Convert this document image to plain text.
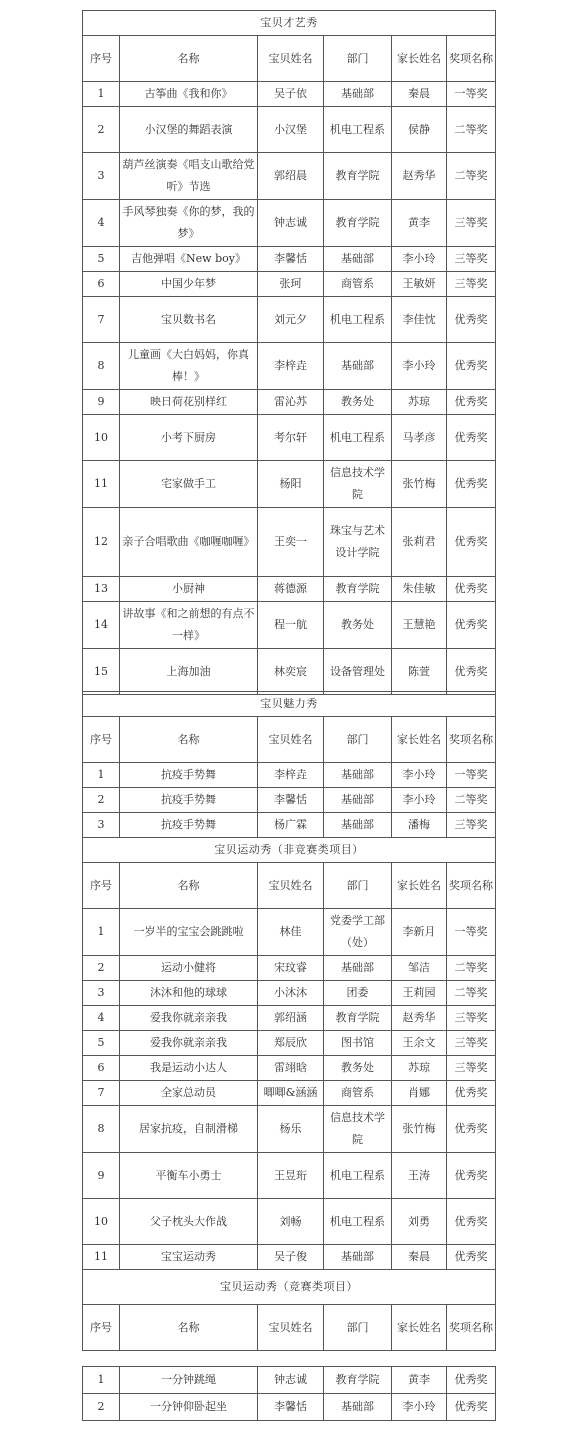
宝贝才艺秀					
序号	名称	宝贝姓名	部门	家长姓名	奖项名称
1	古筝曲《我和你》	吴子依	基础部	秦晨	一等奖
2	小汉堡的舞蹈表演	小汉堡	机电工程系	侯静	二等奖
3	葫芦丝演奏《唱支山歌给党听》节选	郭绍晨	教育学院	赵秀华	二等奖
4	手风琴独奏《你的梦，我的梦》	钟志诚	教育学院	黄李	三等奖
5	吉他弹唱《New boy》	李馨恬	基础部	李小玲	三等奖
6	中国少年梦	张珂	商管系	王敏妍	三等奖
7	宝贝数书名	刘元夕	机电工程系	李佳忱	优秀奖
8	儿童画《大白妈妈，你真棒！》	李梓垚	基础部	李小玲	优秀奖
9	映日荷花别样红	雷沁苏	教务处	苏琼	优秀奖
10	小考下厨房	考尔轩	机电工程系	马孝彦	优秀奖
11	宅家做手工	杨阳	信息技术学院	张竹梅	优秀奖
12	亲子合唱歌曲《咖喱咖喱》	王奕一	珠宝与艺术设计学院	张莉君	优秀奖
13	小厨神	蒋德源	教育学院	朱佳敏	优秀奖
14	讲故事《和之前想的有点不一样》	程一航	教务处	王慧艳	优秀奖
15	上海加油	林奕宸	设备管理处	陈萱	优秀奖
宝贝魅力秀					
序号	名称	宝贝姓名	部门	家长姓名	奖项名称
1	抗疫手势舞	李梓垚	基础部	李小玲	一等奖
2	抗疫手势舞	李馨恬	基础部	李小玲	二等奖
3	抗疫手势舞	杨广霖	基础部	潘梅	三等奖
宝贝运动秀（非竞赛类项目）					
序号	名称	宝贝姓名	部门	家长姓名	奖项名称
1	一岁半的宝宝会跳跳啦	林佳	党委学工部（处）	李新月	一等奖
2	运动小健将	宋玟睿	基础部	邹洁	二等奖
3	沐沐和他的球球	小沐沐	团委	王莉园	二等奖
4	爱我你就亲亲我	郭绍涵	教育学院	赵秀华	三等奖
5	爱我你就亲亲我	郑辰欣	图书馆	王余文	三等奖
6	我是运动小达人	雷翊晗	教务处	苏琼	三等奖
7	全家总动员	唧唧&涵涵	商管系	肖娜	优秀奖
8	居家抗疫，自制滑梯	杨乐	信息技术学院	张竹梅	优秀奖
9	平衡车小勇士	王昱珩	机电工程系	王涛	优秀奖
10	父子枕头大作战	刘畅	机电工程系	刘勇	优秀奖
11	宝宝运动秀	吴子俊	基础部	秦晨	优秀奖
宝贝运动秀（竞赛类项目）					
序号	名称	宝贝姓名	部门	家长姓名	奖项名称
1	一分钟跳绳	钟志诚	教育学院	黄李	优秀奖
2	一分钟仰卧起坐	李馨恬	基础部	李小玲	优秀奖
